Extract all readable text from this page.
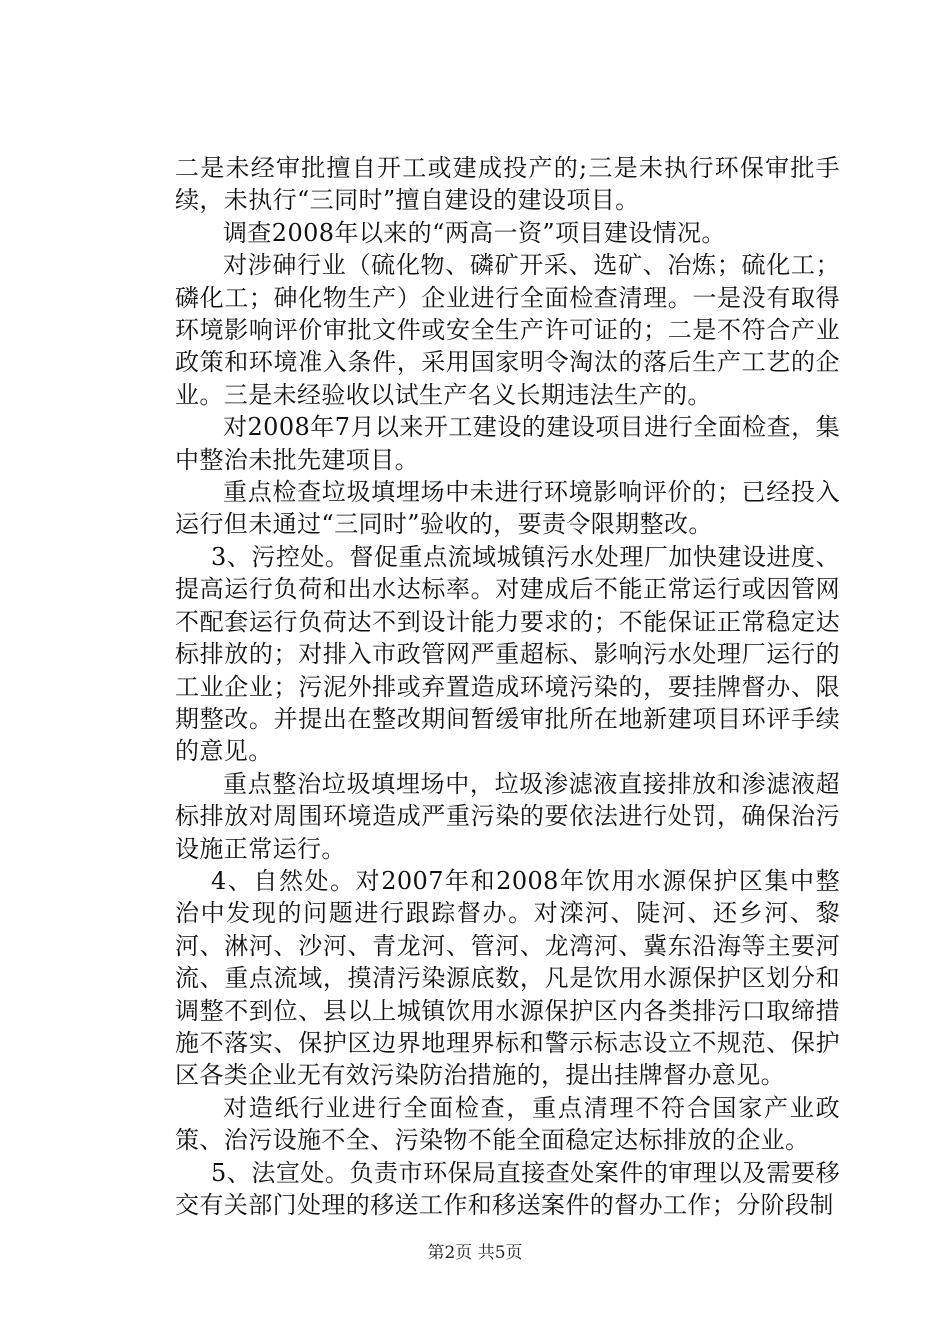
二是未经审批擅自开工或建成投产的;三是未执行环保审批手续，未执行“三同时”擅自建设的建设项目。

调查2008年以来的“两高一资”项目建设情况。

对涉砷行业（硫化物、磷矿开采、选矿、冶炼；硫化工；磷化工；砷化物生产）企业进行全面检查清理。一是没有取得环境影响评价审批文件或安全生产许可证的；二是不符合产业政策和环境准入条件，采用国家明令淘汰的落后生产工艺的企业。三是未经验收以试生产名义长期违法生产的。

对2008年7月以来开工建设的建设项目进行全面检查，集中整治未批先建项目。

重点检查垃圾填埋场中未进行环境影响评价的；已经投入运行但未通过“三同时”验收的，要责令限期整改。

3、污控处。督促重点流域城镇污水处理厂加快建设进度、提高运行负荷和出水达标率。对建成后不能正常运行或因管网不配套运行负荷达不到设计能力要求的；不能保证正常稳定达标排放的；对排入市政管网严重超标、影响污水处理厂运行的工业企业；污泥外排或弃置造成环境污染的，要挂牌督办、限期整改。并提出在整改期间暂缓审批所在地新建项目环评手续的意见。

重点整治垃圾填埋场中，垃圾渗滤液直接排放和渗滤液超标排放对周围环境造成严重污染的要依法进行处罚，确保治污设施正常运行。

4、自然处。对2007年和2008年饮用水源保护区集中整治中发现的问题进行跟踪督办。对滦河、陡河、还乡河、黎河、淋河、沙河、青龙河、管河、龙湾河、冀东沿海等主要河流、重点流域，摸清污染源底数，凡是饮用水源保护区划分和调整不到位、县以上城镇饮用水源保护区内各类排污口取缔措施不落实、保护区边界地理界标和警示标志设立不规范、保护区各类企业无有效污染防治措施的，提出挂牌督办意见。

对造纸行业进行全面检查，重点清理不符合国家产业政策、治污设施不全、污染物不能全面稳定达标排放的企业。

5、法宣处。负责市环保局直接查处案件的审理以及需要移交有关部门处理的移送工作和移送案件的督办工作；分阶段制

第2页 共5页
